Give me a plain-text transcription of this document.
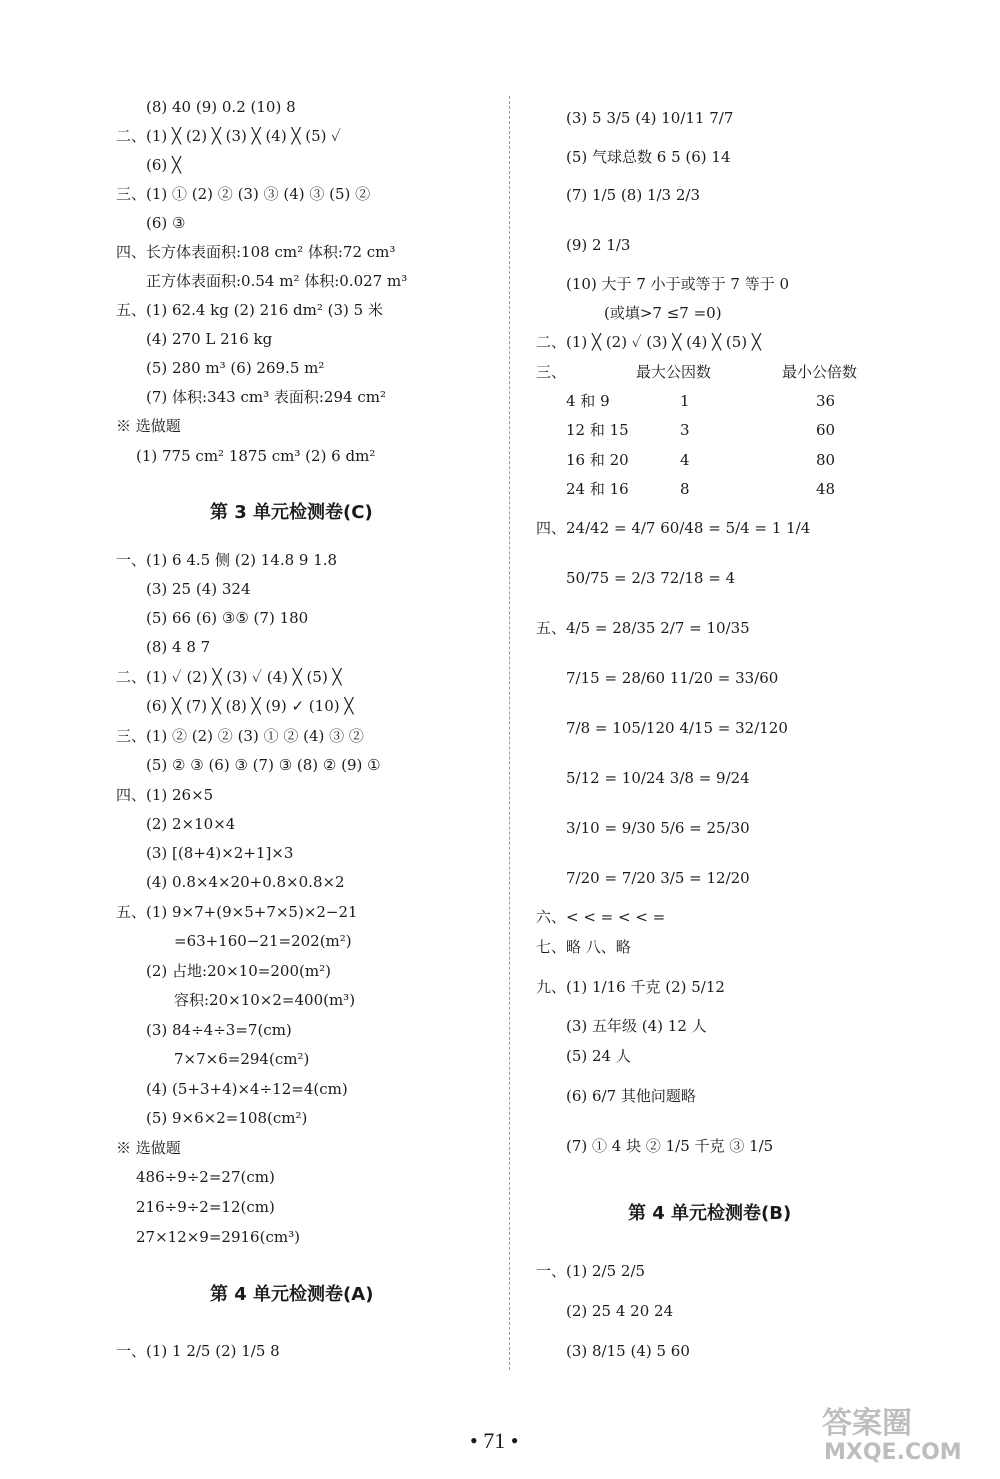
(8) 40 (9) 0.2 (10) 8
二、(1) ╳ (2) ╳ (3) ╳ (4) ╳ (5) ✓
(6) ╳
三、(1) ① (2) ② (3) ③ (4) ③ (5) ②
(6) ③
四、长方体表面积:108 cm² 体积:72 cm³
正方体表面积:0.54 m² 体积:0.027 m³
五、(1) 62.4 kg (2) 216 dm² (3) 5 米
(4) 270 L 216 kg
(5) 280 m³ (6) 269.5 m²
(7) 体积:343 cm³ 表面积:294 cm²
※ 选做题
(1) 775 cm² 1875 cm³ (2) 6 dm²
一、(1) 6 4.5 侧 (2) 14.8 9 1.8
(3) 25 (4) 324
(5) 66 (6) ③⑤ (7) 180
(8) 4 8 7
二、(1) ✓ (2) ╳ (3) ✓ (4) ╳ (5) ╳
(6) ╳ (7) ╳ (8) ╳ (9) ✓ (10) ╳
三、(1) ② (2) ② (3) ① ② (4) ③ ②
(5) ② ③ (6) ③ (7) ③ (8) ② (9) ①
四、(1) 26×5
(2) 2×10×4
(3) [(8+4)×2+1]×3
(4) 0.8×4×20+0.8×0.8×2
五、(1) 9×7+(9×5+7×5)×2−21
=63+160−21=202(m²)
(2) 占地:20×10=200(m²)
容积:20×10×2=400(m³)
(3) 84÷4÷3=7(cm)
7×7×6=294(cm²)
(4) (5+3+4)×4÷12=4(cm)
(5) 9×6×2=108(cm²)
※ 选做题
486÷9÷2=27(cm)
216÷9÷2=12(cm)
27×12×9=2916(cm³)
一、(1) 1 2/5 (2) 1/5 8
第 3 单元检测卷(C)
第 4 单元检测卷(A)
(3) 5 3/5 (4) 10/11 7/7
(5) 气球总数 6 5 (6) 14
(7) 1/5 (8) 1/3 2/3
(9) 2 1/3
(10) 大于 7 小于或等于 7 等于 0
(或填>7 ≤7 =0)
二、(1) ╳ (2) ✓ (3) ╳ (4) ╳ (5) ╳
三、	最大公因数	最小公倍数
4 和 9	1	36
12 和 15	3	60
16 和 20	4	80
24 和 16	8	48
四、24/42 = 4/7 60/48 = 5/4 = 1 1/4
50/75 = 2/3 72/18 = 4
五、4/5 = 28/35 2/7 = 10/35
7/15 = 28/60 11/20 = 33/60
7/8 = 105/120 4/15 = 32/120
5/12 = 10/24 3/8 = 9/24
3/10 = 9/30 5/6 = 25/30
7/20 = 7/20 3/5 = 12/20
六、< < = < < =
七、略 八、略
九、(1) 1/16 千克 (2) 5/12
(3) 五年级 (4) 12 人
(5) 24 人
(6) 6/7 其他问题略
(7) ① 4 块 ② 1/5 千克 ③ 1/5
一、(1) 2/5 2/5
(2) 25 4 20 24
(3) 8/15 (4) 5 60
第 4 单元检测卷(B)
• 71 •	答案圈
MXQE.COM
